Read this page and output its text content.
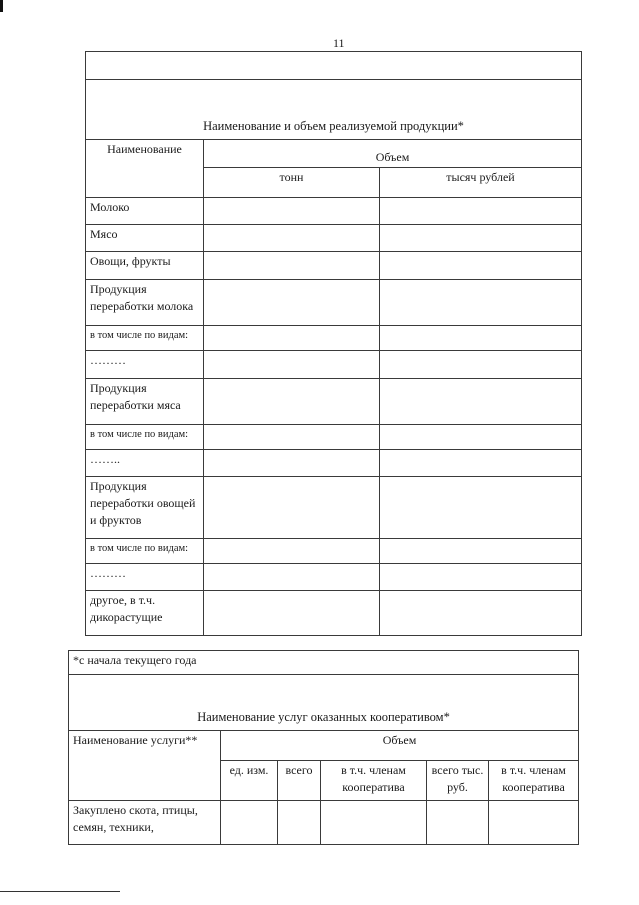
11

Наименование и объем реализуемой продукции*		
Наименование	Объем	
	тонн	тысяч рублей
Молоко		
Мясо		
Овощи, фрукты		
Продукция переработки молока		
в том числе по видам:		
………		
Продукция переработки мяса		
в том числе по видам:		
……..		
Продукция переработки овощей и фруктов		
в том числе по видам:		
………		
другое, в т.ч. дикорастущие		
*с начала текущего года					
Наименование услуг оказанных кооперативом*					
Наименование услуги**	Объем				
	ед. изм.	всего	в т.ч. членам кооператива	всего тыс. руб.	в т.ч. членам кооператива
Закуплено скота, птицы, семян, техники,					
